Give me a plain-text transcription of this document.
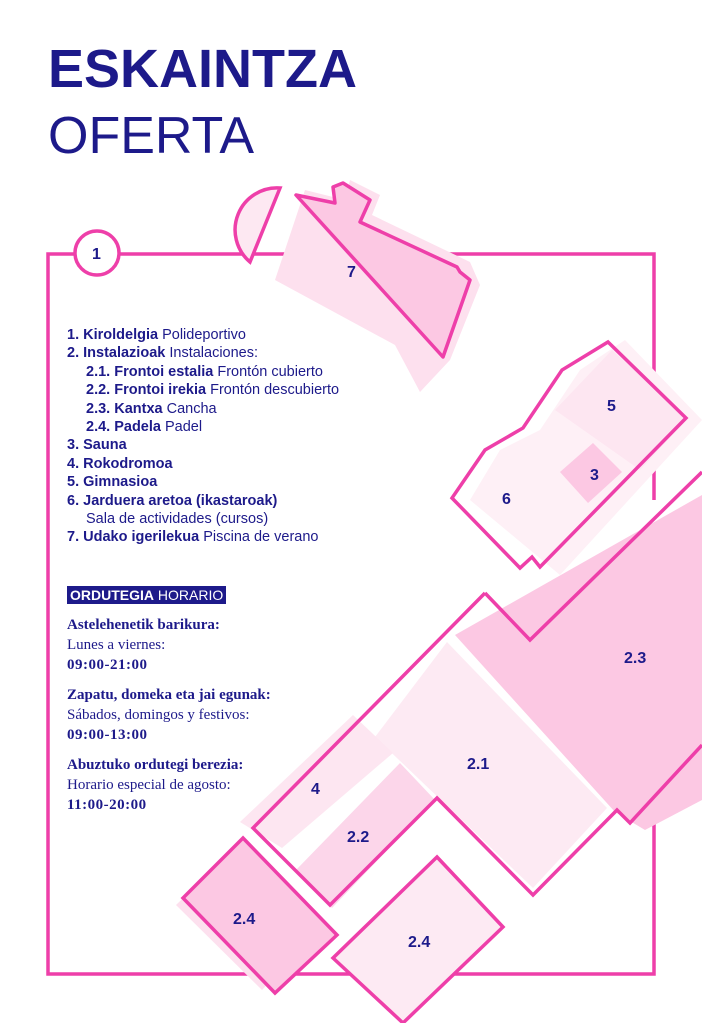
ESKAINTZA
OFERTA
7
5
3
6
2.3
2.1
4
2.2
2.4
2.4
1
1. Kiroldelgia Polideportivo
2. Instalazioak Instalaciones:
2.1. Frontoi estalia Frontón cubierto
2.2. Frontoi irekia Frontón descubierto
2.3. Kantxa Cancha
2.4. Padela Padel
3. Sauna
4. Rokodromoa
5. Gimnasioa
6. Jarduera aretoa (ikastaroak)
Sala de actividades (cursos)
7. Udako igerilekua Piscina de verano
ORDUTEGIA HORARIO
Astelehenetik barikura:
Lunes a viernes:
09:00-21:00
Zapatu, domeka eta jai egunak:
Sábados, domingos y festivos:
09:00-13:00
Abuztuko ordutegi berezia:
Horario especial de agosto:
11:00-20:00
